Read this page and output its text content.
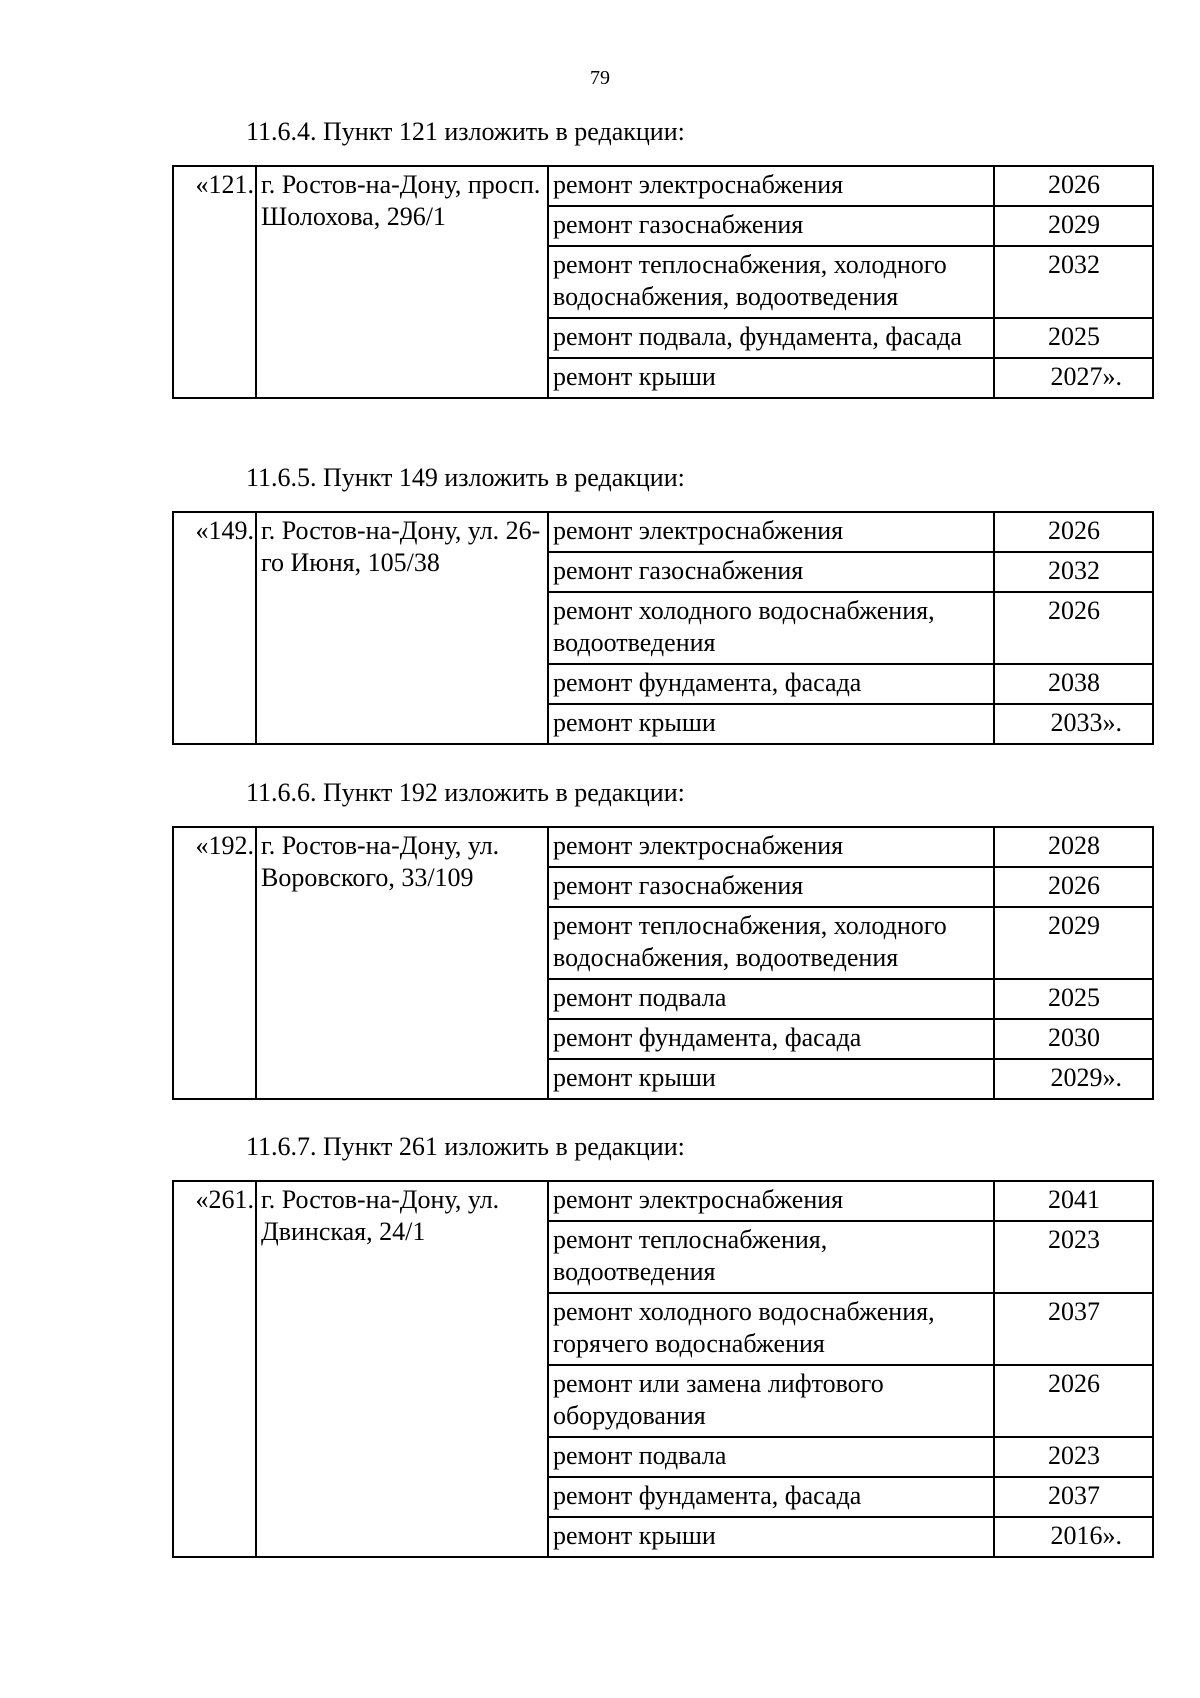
79
11.6.4. Пункт 121 изложить в редакции:
«121.	г. Ростов-на-Дону, просп. Шолохова, 296/1	ремонт электроснабжения	2026
		ремонт газоснабжения	2029
		ремонт теплоснабжения, холодного водоснабжения, водоотведения	2032
		ремонт подвала, фундамента, фасада	2025
		ремонт крыши	2027».
11.6.5. Пункт 149 изложить в редакции:
«149.	г. Ростов-на-Дону, ул. 26-го Июня, 105/38	ремонт электроснабжения	2026
		ремонт газоснабжения	2032
		ремонт холодного водоснабжения, водоотведения	2026
		ремонт фундамента, фасада	2038
		ремонт крыши	2033».
11.6.6. Пункт 192 изложить в редакции:
«192.	г. Ростов-на-Дону, ул. Воровского, 33/109	ремонт электроснабжения	2028
		ремонт газоснабжения	2026
		ремонт теплоснабжения, холодного водоснабжения, водоотведения	2029
		ремонт подвала	2025
		ремонт фундамента, фасада	2030
		ремонт крыши	2029».
11.6.7. Пункт 261 изложить в редакции:
«261.	г. Ростов-на-Дону, ул. Двинская, 24/1	ремонт электроснабжения	2041
		ремонт теплоснабжения, водоотведения	2023
		ремонт холодного водоснабжения, горячего водоснабжения	2037
		ремонт или замена лифтового оборудования	2026
		ремонт подвала	2023
		ремонт фундамента, фасада	2037
		ремонт крыши	2016».
